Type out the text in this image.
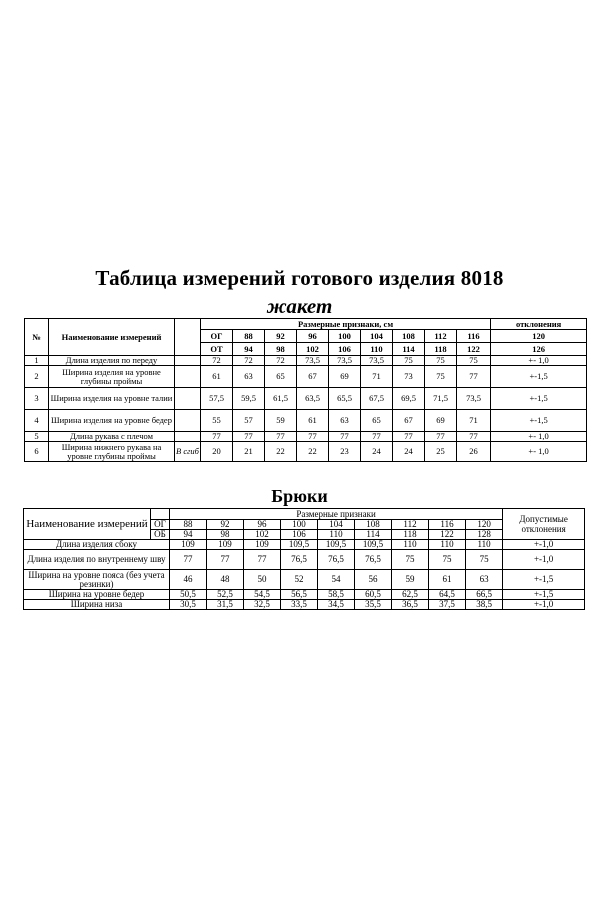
Таблица измерений готового изделия 8018
жакет
№	Наименование измерений		Размерные признаки, см									отклонения	
			ОГ	88	92	96	100	104	108	112	116	120	
			ОТ	94	98	102	106	110	114	118	122	126	
1	Длина изделия по переду		72	72	72	73,5	73,5	73,5	75	75	75	+- 1,0	
2	Ширина изделия на уровне глубины проймы		61	63	65	67	69	71	73	75	77	+-1,5	
3	Ширина изделия на уровне талии		57,5	59,5	61,5	63,5	65,5	67,5	69,5	71,5	73,5	+-1,5	
4	Ширина изделия на уровне бедер		55	57	59	61	63	65	67	69	71	+-1,5	
5	Длина рукава с плечом		77	77	77	77	77	77	77	77	77	+- 1,0	
6	Ширина нижнего рукава на уровне глубины проймы	В сгиб	20	21	22	22	23	24	24	25	26	+- 1,0	
Брюки
Наименование измерений		Размерные признаки									Допустимые отклонения
	ОГ	88	92	96	100	104	108	112	116	120	
	ОБ	94	98	102	106	110	114	118	122	128	
Длина изделия сбоку		109	109	109	109,5	109,5	109,5	110	110	110	+-1,0
Длина изделия по внутреннему шву		77	77	77	76,5	76,5	76,5	75	75	75	+-1,0
Ширина на уровне пояса (без учета резинки)		46	48	50	52	54	56	59	61	63	+-1,5
Ширина на уровне бедер		50,5	52,5	54,5	56,5	58,5	60,5	62,5	64,5	66,5	+-1,5
Ширина низа		30,5	31,5	32,5	33,5	34,5	35,5	36,5	37,5	38,5	+-1,0
